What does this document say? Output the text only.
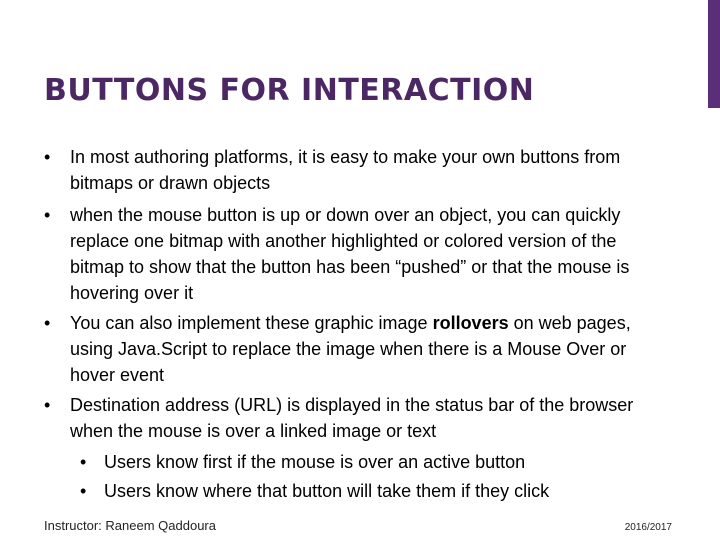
BUTTONS FOR INTERACTION
• In most authoring platforms, it is easy to make your own buttons from bitmaps or drawn objects
• when the mouse button is up or down over an object, you can quickly replace one bitmap with another highlighted or colored version of the bitmap to show that the button has been “pushed” or that the mouse is hovering over it
• You can also implement these graphic image rollovers on web pages, using Java.Script to replace the image when there is a Mouse Over or hover event
• Destination address (URL) is displayed in the status bar of the browser when the mouse is over a linked image or text
• Users know first if the mouse is over an active button
• Users know where that button will take them if they click
Instructor: Raneem Qaddoura	2016/2017
